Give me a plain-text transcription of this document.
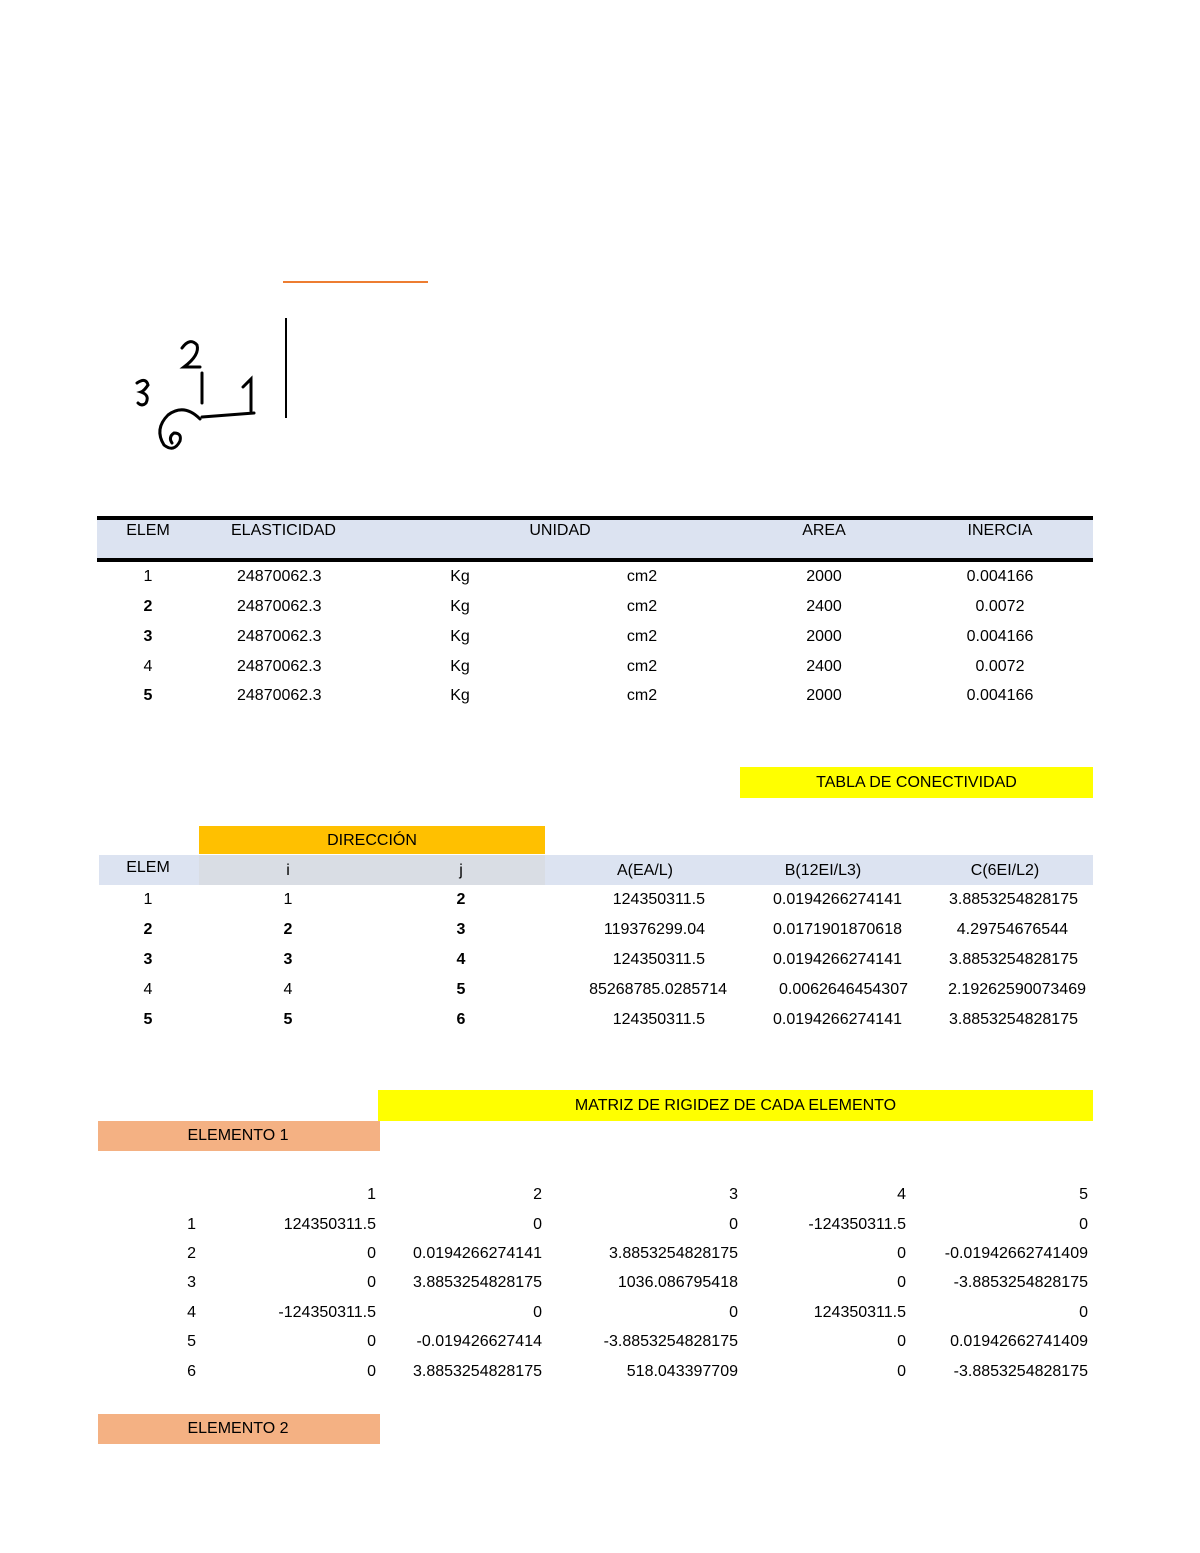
ELEM	ELASTICIDAD	UNIDAD	AREA	INERCIA
1	24870062.3	Kg	cm2	2000	0.004166
2	24870062.3	Kg	cm2	2400	0.0072
3	24870062.3	Kg	cm2	2000	0.004166
4	24870062.3	Kg	cm2	2400	0.0072
5	24870062.3	Kg	cm2	2000	0.004166
TABLA DE CONECTIVIDAD
DIRECCIÓN
ELEM	i	j	A(EA/L)	B(12EI/L3)	C(6EI/L2)
1	1	2	124350311.5	0.0194266274141	3.8853254828175
2	2	3	119376299.04	0.0171901870618	4.29754676544
3	3	4	124350311.5	0.0194266274141	3.8853254828175
4	4	5	85268785.0285714	0.0062646454307	2.19262590073469
5	5	6	124350311.5	0.0194266274141	3.8853254828175
MATRIZ DE RIGIDEZ DE CADA ELEMENTO
ELEMENTO 1
1	2	3	4	5
1	124350311.5	0	0	-124350311.5	0
2	0	0.0194266274141	3.8853254828175	0	-0.01942662741409
3	0	3.8853254828175	1036.086795418	0	-3.8853254828175
4	-124350311.5	0	0	124350311.5	0
5	0	-0.019426627414	-3.8853254828175	0	0.01942662741409
6	0	3.8853254828175	518.043397709	0	-3.8853254828175
ELEMENTO 2
